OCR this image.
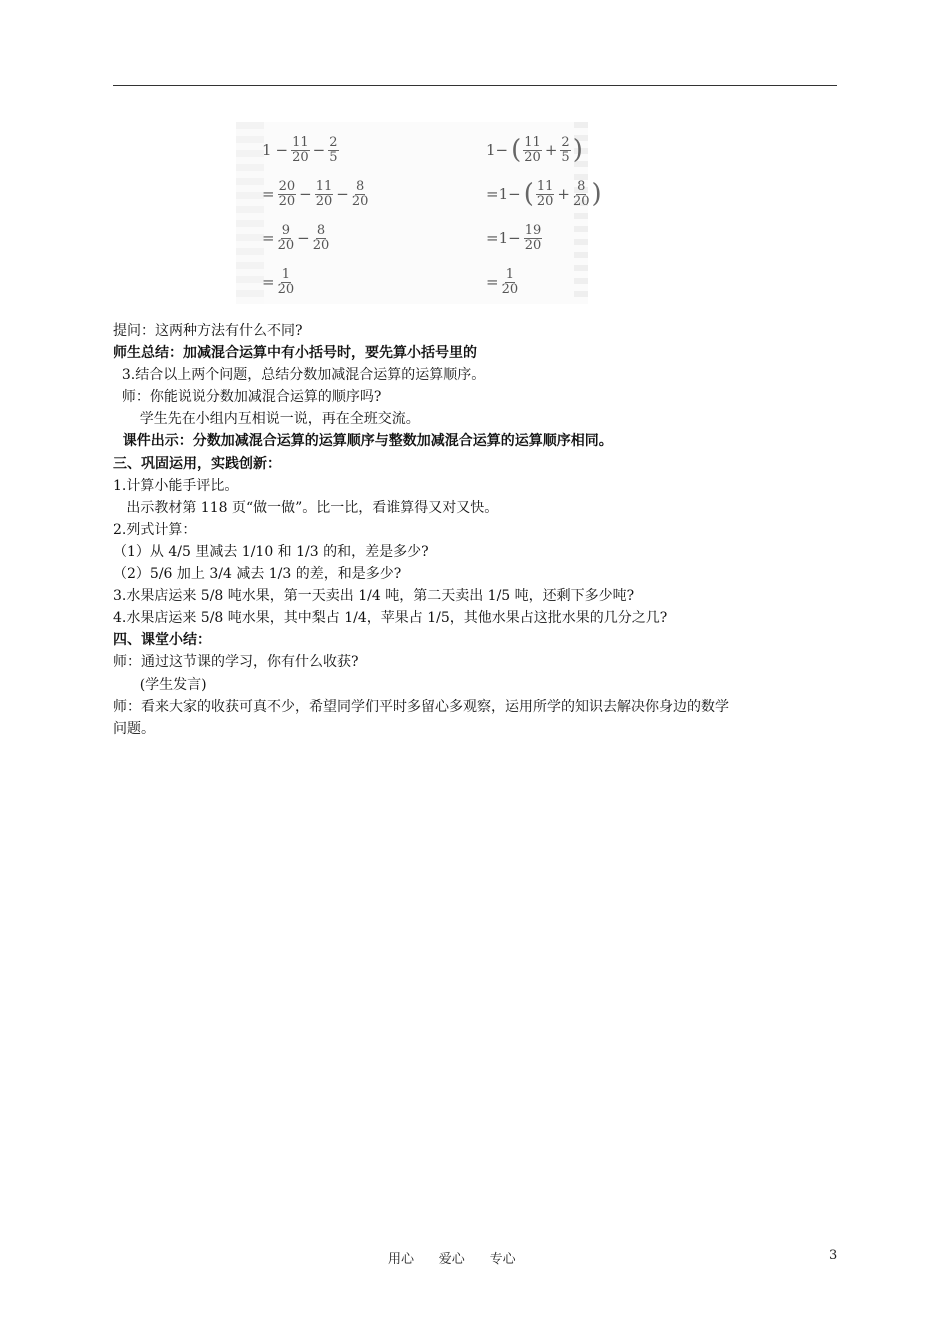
$1 - \frac{11}{20} - \frac{2}{5}$
= $\frac{20}{20} - \frac{11}{20} - \frac{8}{20}$
= $\frac{9}{20} - \frac{8}{20}$
= $\frac{1}{20}$
1− ( $\frac{11}{20} + \frac{2}{5}$ )
=1− ( $\frac{11}{20} + \frac{8}{20}$ )
$=1- \frac{19}{20}$
= $\frac{1}{20}$
提问：这两种方法有什么不同?
师生总结：加减混合运算中有小括号时，要先算小括号里的
3.结合以上两个问题，总结分数加减混合运算的运算顺序。
师：你能说说分数加减混合运算的顺序吗?
学生先在小组内互相说一说，再在全班交流。
课件出示：分数加减混合运算的运算顺序与整数加减混合运算的运算顺序相同。
三、巩固运用，实践创新：
1.计算小能手评比。
出示教材第 118 页“做一做”。比一比，看谁算得又对又快。
2.列式计算：
（1）从 4/5 里减去 1/10 和 1/3 的和，差是多少?
（2）5/6 加上 3/4 减去 1/3 的差，和是多少?
3.水果店运来 5/8 吨水果，第一天卖出 1/4 吨，第二天卖出 1/5 吨，还剩下多少吨?
4.水果店运来 5/8 吨水果，其中梨占 1/4，苹果占 1/5，其他水果占这批水果的几分之几?
四、课堂小结：
师：通过这节课的学习，你有什么收获?
(学生发言)
师：看来大家的收获可真不少，希望同学们平时多留心多观察，运用所学的知识去解决你身边的数学
问题。
用心      爱心      专心	3
